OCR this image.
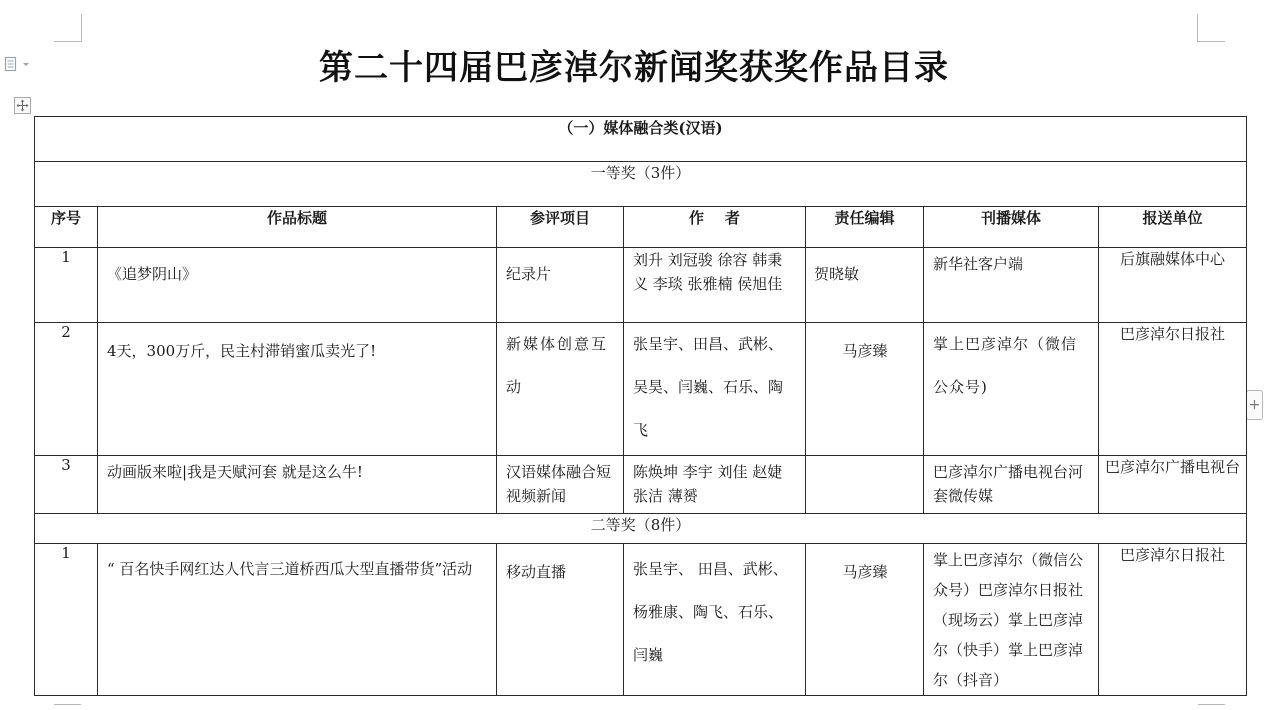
+
第二十四届巴彦淖尔新闻奖获奖作品目录
（一）媒体融合类(汉语)						
一等奖（3件）						
序号	作品标题	参评项目	作    者	责任编辑	刊播媒体	报送单位
1	《追梦阴山》	纪录片	刘升 刘冠骏 徐容 韩秉义 李琰 张雅楠 侯旭佳	贺晓敏	新华社客户端	后旗融媒体中心
2	4天，300万斤，民主村滞销蜜瓜卖光了!	新媒体创意互动	张呈宇、田昌、武彬、吴昊、闫巍、石乐、陶飞	马彦臻	掌上巴彦淖尔（微信公众号)	巴彦淖尔日报社
3	动画版来啦|我是天赋河套 就是这么牛!	汉语媒体融合短视频新闻	陈焕坤 李宇 刘佳 赵婕 张洁 薄赟		巴彦淖尔广播电视台河套微传媒	巴彦淖尔广播电视台
二等奖（8件）						
1	“ 百名快手网红达人代言三道桥西瓜大型直播带货”活动	移动直播	张呈宇、 田昌、武彬、杨雅康、陶飞、石乐、闫巍	马彦臻	掌上巴彦淖尔（微信公众号）巴彦淖尔日报社（现场云）掌上巴彦淖尔（快手）掌上巴彦淖尔（抖音）	巴彦淖尔日报社
